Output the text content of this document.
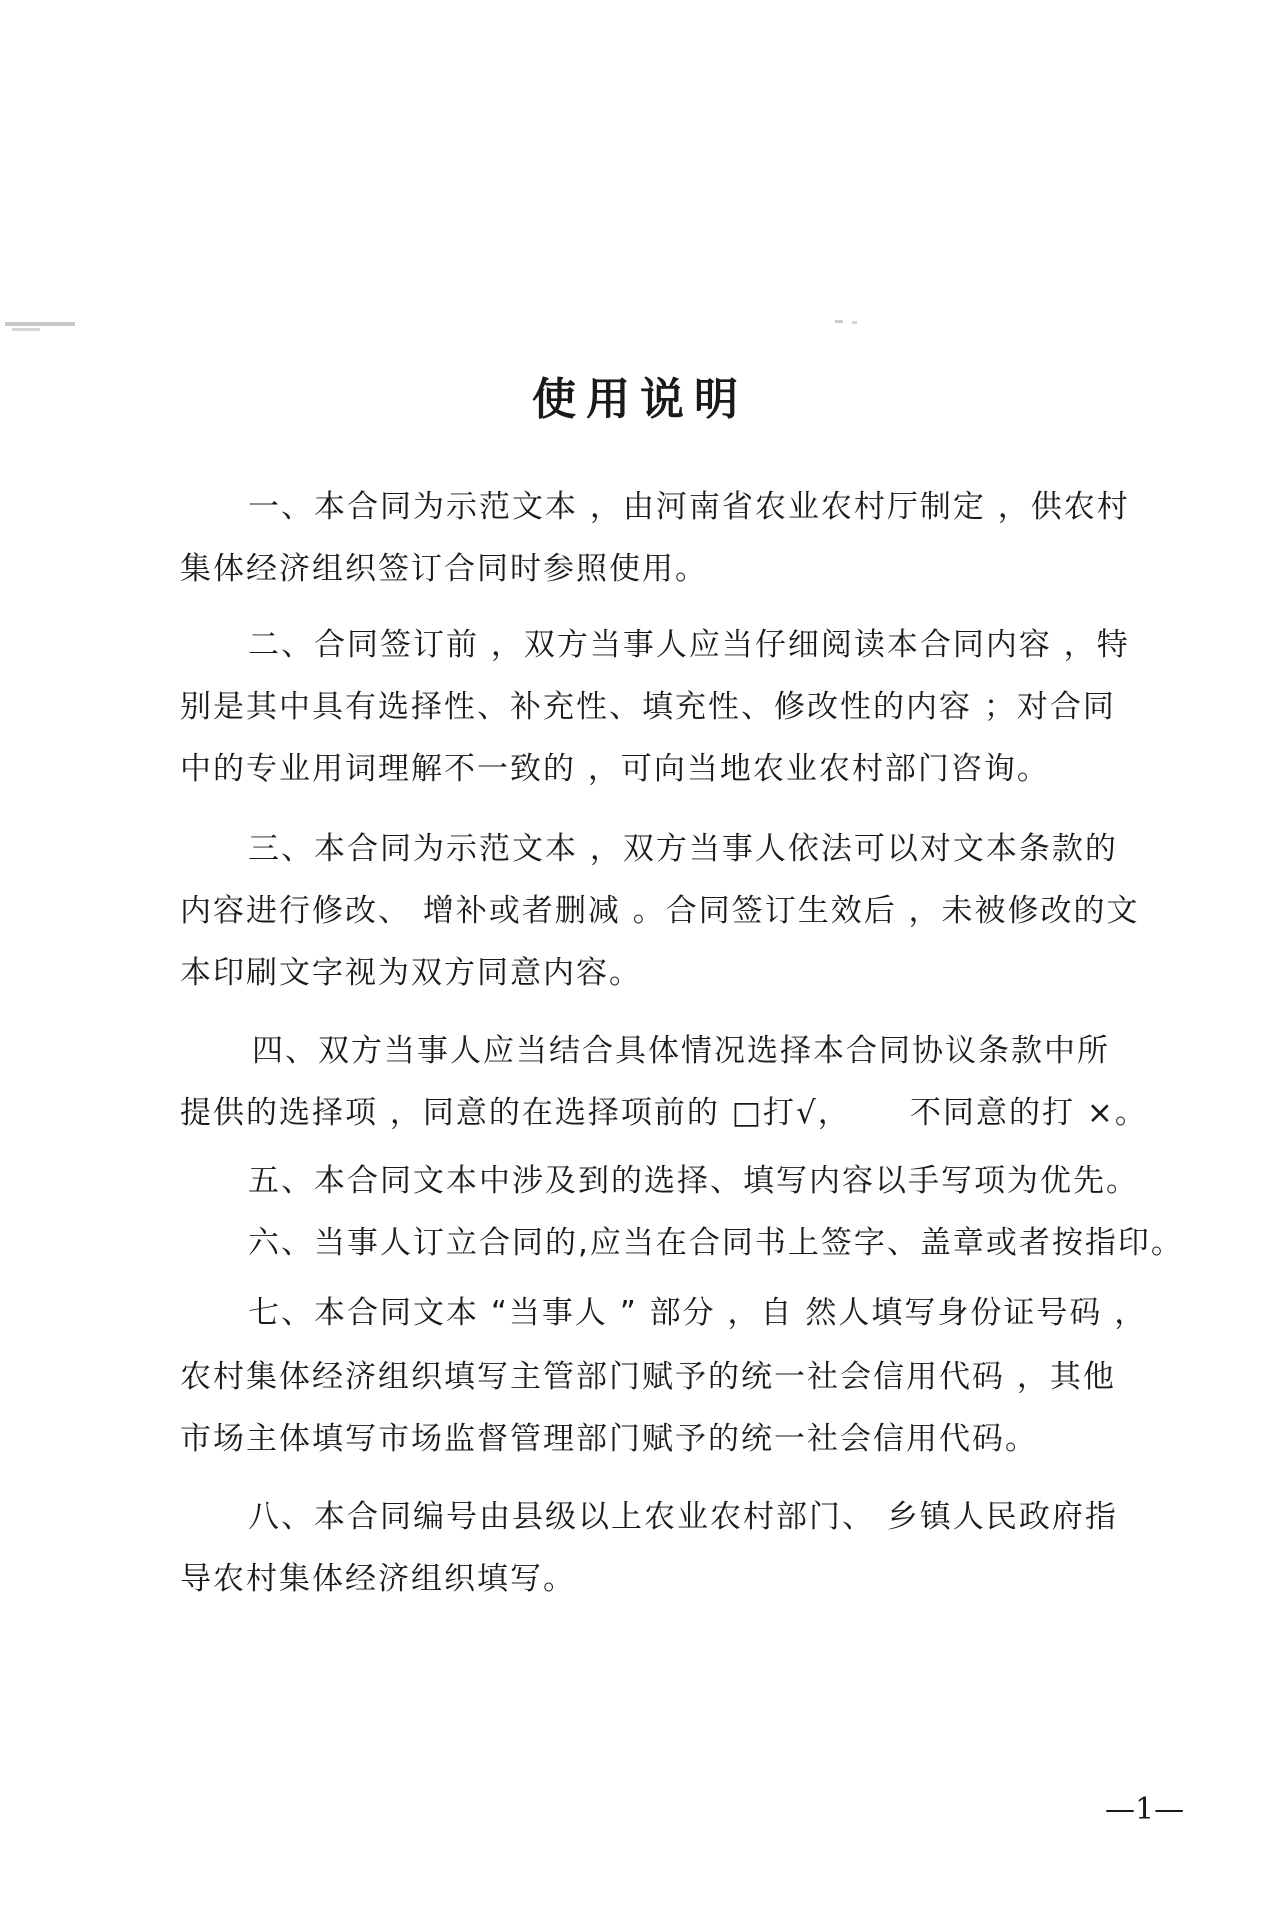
使用说明
一、本合同为示范文本 ，由河南省农业农村厅制定 ，供农村
集体经济组织签订合同时参照使用。
二、合同签订前 ，双方当事人应当仔细阅读本合同内容 ，特
别是其中具有选择性、补充性、填充性、修改性的内容 ；对合同
中的专业用词理解不一致的 ，可向当地农业农村部门咨询。
三、本合同为示范文本 ，双方当事人依法可以对文本条款的
内容进行修改、 增补或者删减 。合同签订生效后 ，未被修改的文
本印刷文字视为双方同意内容。
四、双方当事人应当结合具体情况选择本合同协议条款中所
提供的选择项 ，同意的在选择项前的 □打√，     不同意的打 ×。
五、本合同文本中涉及到的选择、填写内容以手写项为优先。
六、当事人订立合同的,应当在合同书上签字、盖章或者按指印。
七、本合同文本 “当事人 ” 部分 ，自 然人填写身份证号码 ，
农村集体经济组织填写主管部门赋予的统一社会信用代码 ，其他
市场主体填写市场监督管理部门赋予的统一社会信用代码。
八、本合同编号由县级以上农业农村部门、 乡镇人民政府指
导农村集体经济组织填写。
—1—
